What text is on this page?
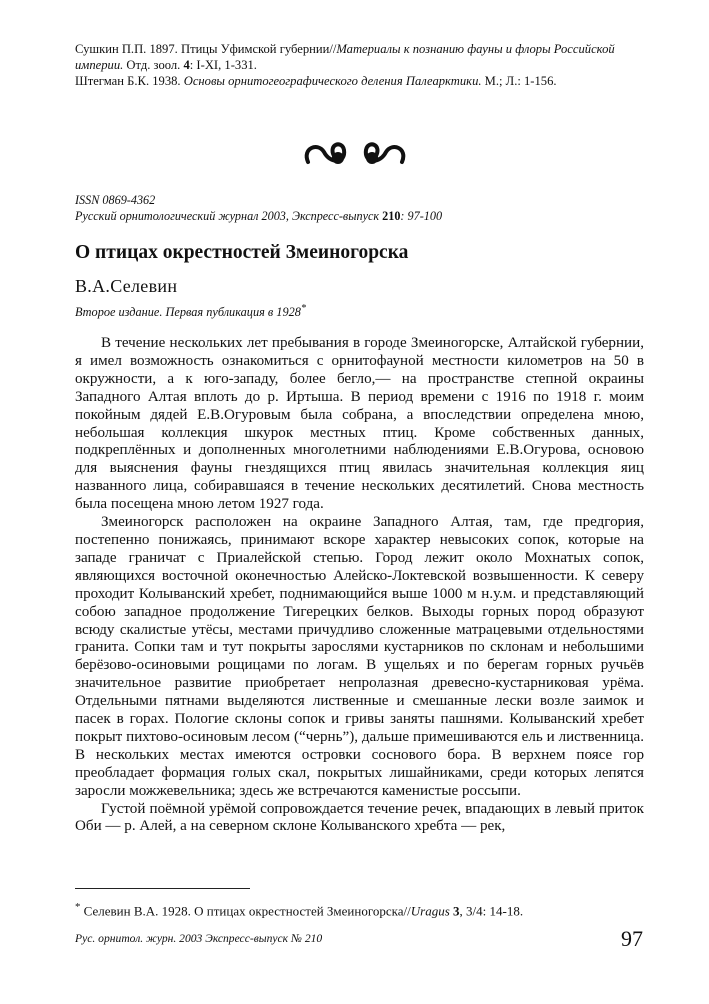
Сушкин П.П. 1897. Птицы Уфимской губернии//Материалы к познанию фауны и флоры Российской империи. Отд. зоол. 4: I-XI, 1-331.

Штегман Б.К. 1938. Основы орнитогеографического деления Палеарктики. М.; Л.: 1-156.

ISSN 0869-4362

Русский орнитологический журнал 2003, Экспресс-выпуск 210: 97-100

О птицах окрестностей Змеиногорска
В.А.Селевин
Второе издание. Первая публикация в 1928*

В течение нескольких лет пребывания в городе Змеиногорске, Алтайской губернии, я имел возможность ознакомиться с орнитофауной местности километров на 50 в окружности, а к юго-западу, более бегло,— на пространстве степной окраины Западного Алтая вплоть до р. Иртыша. В период времени с 1916 по 1918 г. моим покойным дядей Е.В.Огуровым была собрана, а впоследствии определена мною, небольшая коллекция шкурок местных птиц. Кроме собственных данных, подкреплённых и дополненных многолетними наблюдениями Е.В.Огурова, основою для выяснения фауны гнездящихся птиц явилась значительная коллекция яиц названного лица, собиравшаяся в течение нескольких десятилетий. Снова местность была посещена мною летом 1927 года.

Змеиногорск расположен на окраине Западного Алтая, там, где предгория, постепенно понижаясь, принимают вскоре характер невысоких сопок, которые на западе граничат с Приалейской степью. Город лежит около Мохнатых сопок, являющихся восточной оконечностью Алейско-Локтевской возвышенности. К северу проходит Колыванский хребет, поднимающийся выше 1000 м н.у.м. и представляющий собою западное продолжение Тигерецких белков. Выходы горных пород образуют всюду скалистые утёсы, местами причудливо сложенные матрацевыми отдельностями гранита. Сопки там и тут покрыты зарослями кустарников по склонам и небольшими берёзово-осиновыми рощицами по логам. В ущельях и по берегам горных ручьёв значительное развитие приобретает непролазная древесно-кустарниковая урёма. Отдельными пятнами выделяются лиственные и смешанные лески возле заимок и пасек в горах. Пологие склоны сопок и гривы заняты пашнями. Колыванский хребет покрыт пихтово-осиновым лесом (“чернь”), дальше примешиваются ель и лиственница. В нескольких местах имеются островки соснового бора. В верхнем поясе гор преобладает формация голых скал, покрытых лишайниками, среди которых лепятся заросли можжевельника; здесь же встречаются каменистые россыпи.

Густой поёмной урёмой сопровождается течение речек, впадающих в левый приток Оби — р. Алей, а на северном склоне Колыванского хребта — рек,

* Селевин В.А. 1928. О птицах окрестностей Змеиногорска//Uragus 3, 3/4: 14-18.
Рус. орнитол. журн. 2003 Экспресс-выпуск № 210	97
